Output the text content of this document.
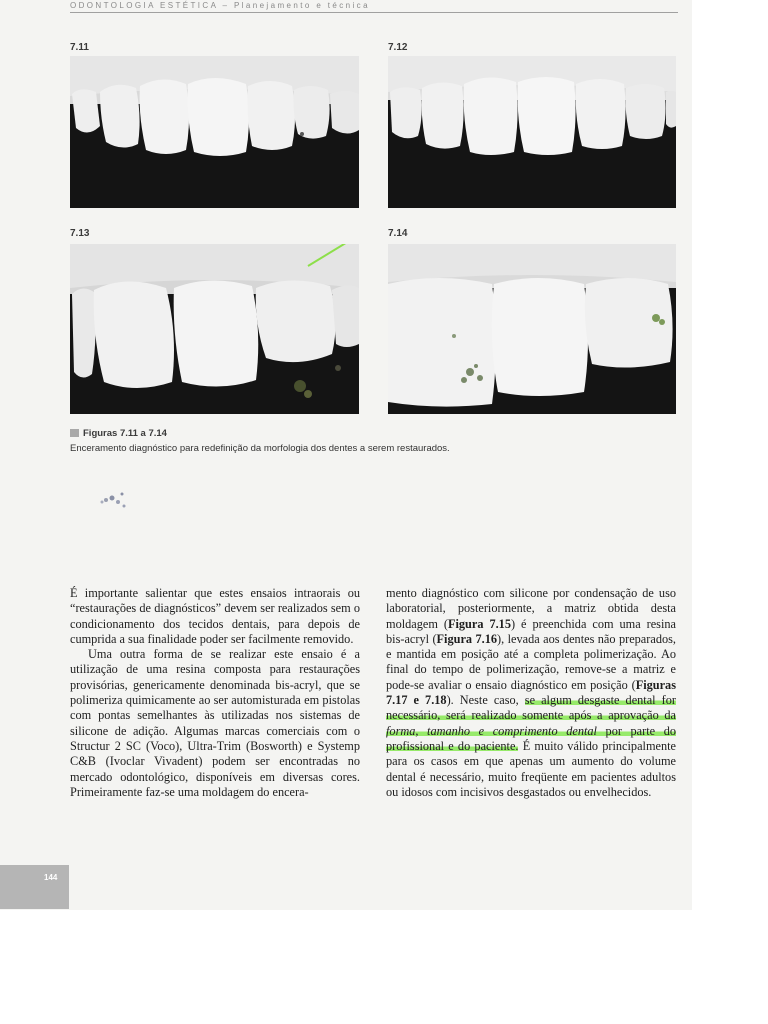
ODONTOLOGIA ESTÉTICA – Planejamento e técnica
7.11	7.12
7.13	7.14
Figuras 7.11 a 7.14
Enceramento diagnóstico para redefinição da morfologia dos dentes a serem restaurados.

É importante salientar que estes ensaios intraorais ou “restaurações de diagnósticos” devem ser realizados sem o condicionamento dos tecidos dentais, para depois de cumprida a sua finalidade poder ser facilmente removido.

Uma outra forma de se realizar este ensaio é a utilização de uma resina composta para restaurações provisórias, genericamente denominada bis-acryl, que se polimeriza quimicamente ao ser automisturada em pistolas com pontas semelhantes às utilizadas nos sistemas de silicone de adição. Algumas marcas comerciais com o Structur 2 SC (Voco), Ultra-Trim (Bosworth) e Systemp C&B (Ivoclar Vivadent) podem ser encontradas no mercado odontológico, disponíveis em diversas cores. Primeiramente faz-se uma moldagem do encera-

mento diagnóstico com silicone por condensação de uso laboratorial, posteriormente, a matriz obtida desta moldagem (Figura 7.15) é preenchida com uma resina bis-acryl (Figura 7.16), levada aos dentes não preparados, e mantida em posição até a completa polimerização. Ao final do tempo de polimerização, remove-se a matriz e pode-se avaliar o ensaio diagnóstico em posição (Figuras 7.17 e 7.18). Neste caso, se algum desgaste dental for necessário, será realizado somente após a aprovação da forma, tamanho e comprimento dental por parte do profissional e do paciente. É muito válido principalmente para os casos em que apenas um aumento do volume dental é necessário, muito freqüente em pacientes adultos ou idosos com incisivos desgastados ou envelhecidos.

144
